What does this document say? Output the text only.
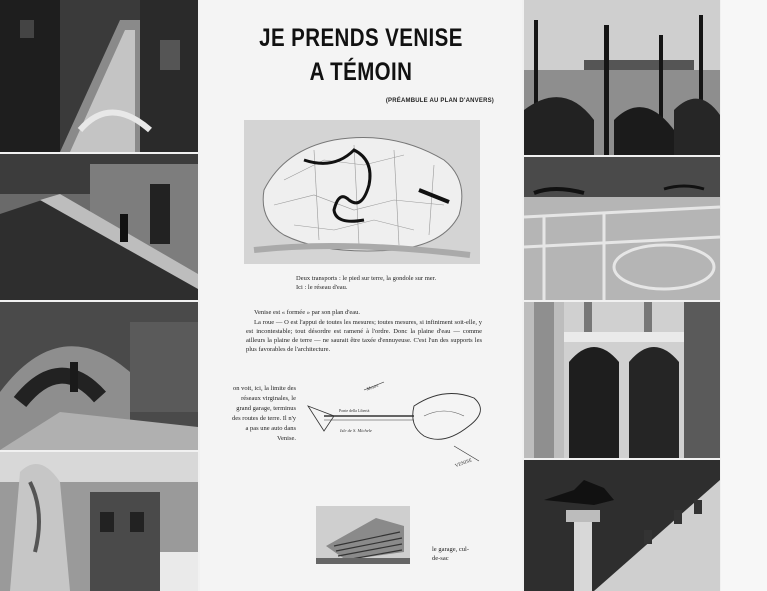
JE PRENDS VENISE
A TÉMOIN
(PRÉAMBULE AU PLAN D'ANVERS)
Deux transports : le pied sur terre, la gondole sur mer.
Ici : le réseau d'eau.
Venise est « formée » par son plan d'eau.
La roue — O est l'appui de toutes les mesures; toutes mesures, si infiniment soit-elle, y est incontestable; tout désordre est ramené à l'ordre. Donc la plaine d'eau — comme ailleurs la plaine de terre — ne saurait être taxée d'ennuyeuse. C'est l'un des supports les plus favorables de l'architecture.
on voit, ici, la limite des réseaux virginales, le grand garage, terminus des routes de terre. Il n'y a pas une auto dans Venise.
Ponte della Libertà
Isle de S. Michele
VENISE
Mestre
le garage, cul-de-sac
